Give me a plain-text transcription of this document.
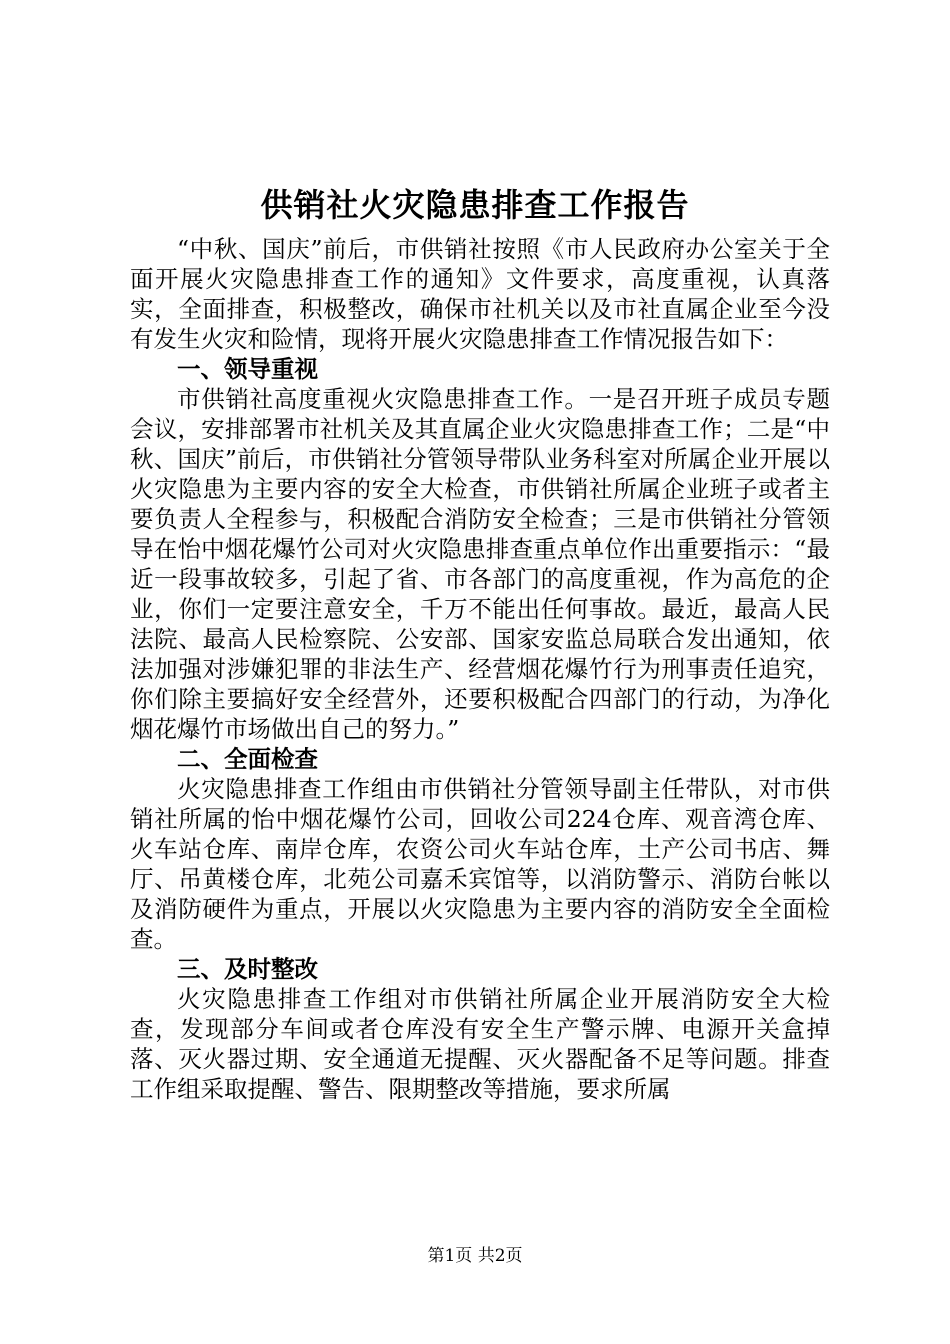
供销社火灾隐患排查工作报告

“中秋、国庆”前后，市供销社按照《市人民政府办公室关于全面开展火灾隐患排查工作的通知》文件要求，高度重视，认真落实，全面排查，积极整改，确保市社机关以及市社直属企业至今没有发生火灾和险情，现将开展火灾隐患排查工作情况报告如下：

一、领导重视

市供销社高度重视火灾隐患排查工作。一是召开班子成员专题会议，安排部署市社机关及其直属企业火灾隐患排查工作；二是“中秋、国庆”前后，市供销社分管领导带队业务科室对所属企业开展以火灾隐患为主要内容的安全大检查，市供销社所属企业班子或者主要负责人全程参与，积极配合消防安全检查；三是市供销社分管领导在怡中烟花爆竹公司对火灾隐患排查重点单位作出重要指示：“最近一段事故较多，引起了省、市各部门的高度重视，作为高危的企业，你们一定要注意安全，千万不能出任何事故。最近，最高人民法院、最高人民检察院、公安部、国家安监总局联合发出通知，依法加强对涉嫌犯罪的非法生产、经营烟花爆竹行为刑事责任追究，你们除主要搞好安全经营外，还要积极配合四部门的行动，为净化烟花爆竹市场做出自己的努力。”

二、全面检查

火灾隐患排查工作组由市供销社分管领导副主任带队，对市供销社所属的怡中烟花爆竹公司，回收公司224仓库、观音湾仓库、火车站仓库、南岸仓库，农资公司火车站仓库，土产公司书店、舞厅、吊黄楼仓库，北苑公司嘉禾宾馆等，以消防警示、消防台帐以及消防硬件为重点，开展以火灾隐患为主要内容的消防安全全面检查。

三、及时整改

火灾隐患排查工作组对市供销社所属企业开展消防安全大检查，发现部分车间或者仓库没有安全生产警示牌、电源开关盒掉落、灭火器过期、安全通道无提醒、灭火器配备不足等问题。排查工作组采取提醒、警告、限期整改等措施，要求所属

第1页 共2页
